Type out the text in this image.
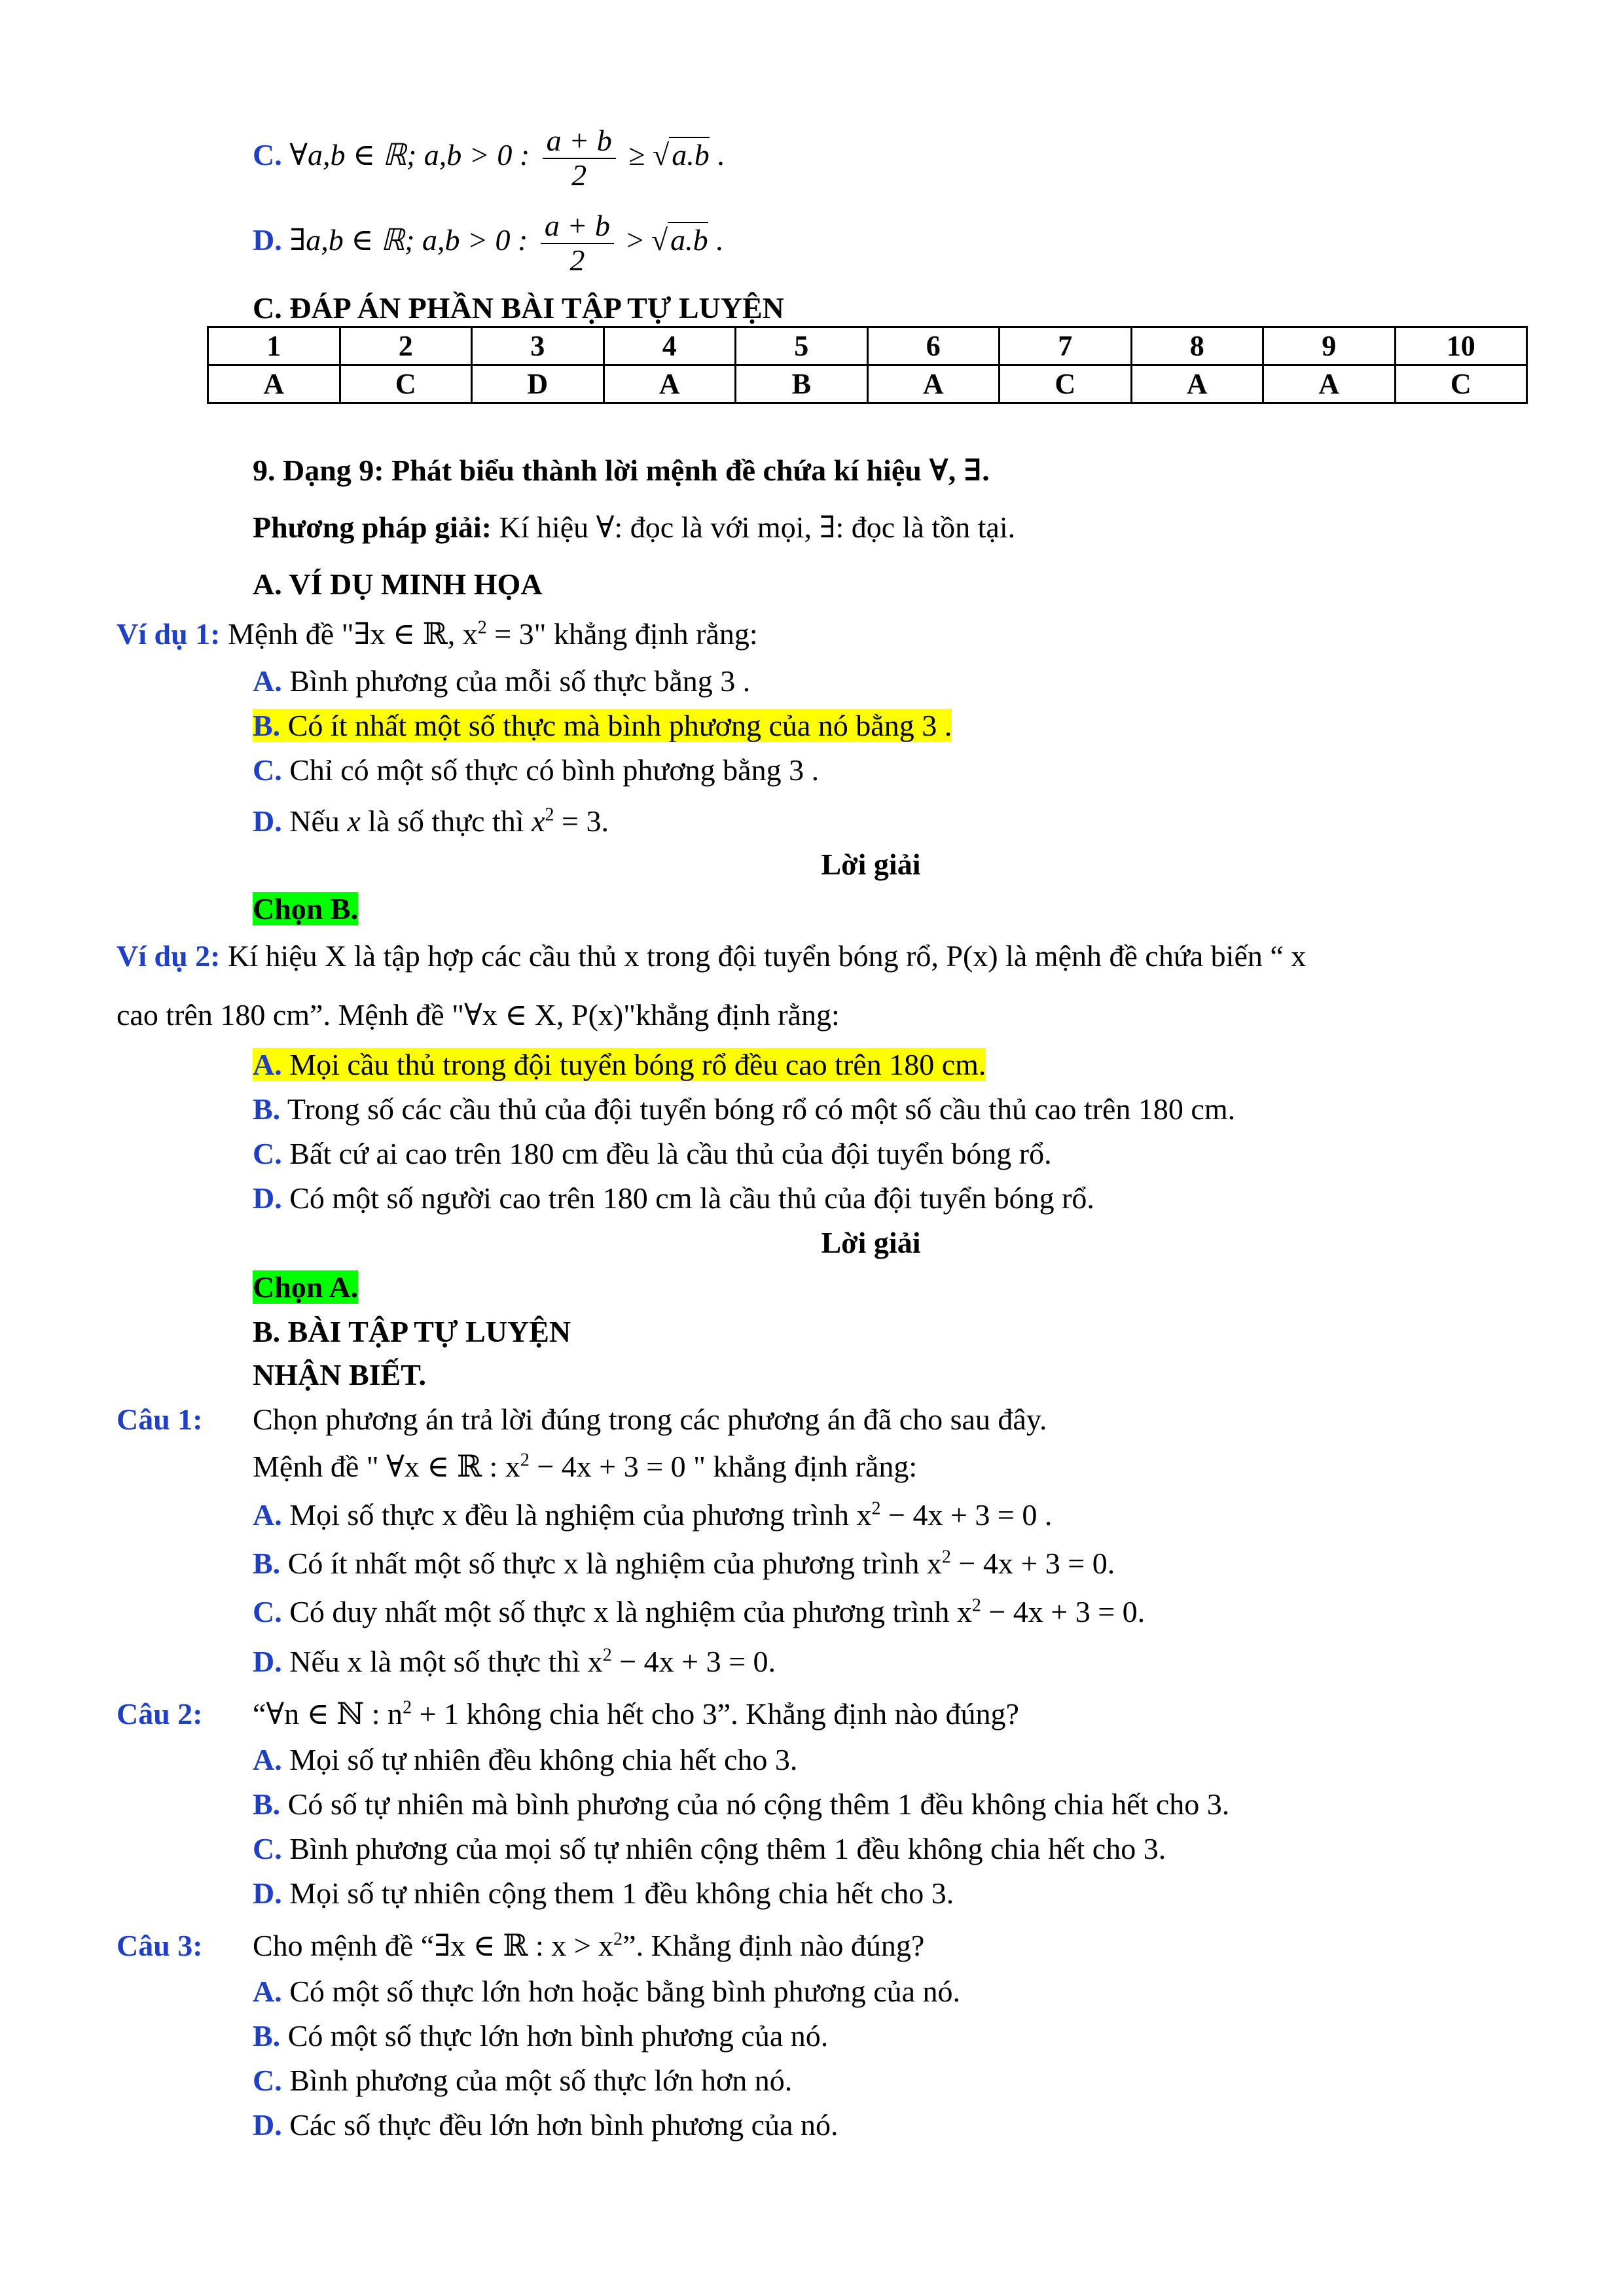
C. ∀a,b ∈ ℝ; a,b > 0 : $\frac{a + b}{2} \ge √a.b$ .
D. ∃a,b ∈ ℝ; a,b > 0 : $\frac{a + b}{2} > √a.b$ .
C. ĐÁP ÁN PHẦN BÀI TẬP TỰ LUYỆN
1	2	3	4	5	6	7	8	9	10
A	C	D	A	B	A	C	A	A	C
9. Dạng 9: Phát biểu thành lời mệnh đề chứa kí hiệu ∀, ∃.
Phương pháp giải: Kí hiệu ∀: đọc là với mọi, ∃: đọc là tồn tại.
A. VÍ DỤ MINH HỌA
Ví dụ 1: Mệnh đề "∃x ∈ ℝ, $x^2 = 3$" khẳng định rằng:
A. Bình phương của mỗi số thực bằng 3 .
B. Có ít nhất một số thực mà bình phương của nó bằng 3 .
C. Chỉ có một số thực có bình phương bằng 3 .
D. Nếu x là số thực thì $x^2 = 3$.
Lời giải
Chọn B.
Ví dụ 2: Kí hiệu X là tập hợp các cầu thủ x trong đội tuyển bóng rổ, P(x) là mệnh đề chứa biến “ x
cao trên 180 cm”. Mệnh đề "∀x ∈ X, P(x)"khẳng định rằng:
A. Mọi cầu thủ trong đội tuyển bóng rổ đều cao trên 180 cm.
B. Trong số các cầu thủ của đội tuyển bóng rổ có một số cầu thủ cao trên 180 cm.
C. Bất cứ ai cao trên 180 cm đều là cầu thủ của đội tuyển bóng rổ.
D. Có một số người cao trên 180 cm là cầu thủ của đội tuyển bóng rổ.
Lời giải
Chọn A.
B. BÀI TẬP TỰ LUYỆN
NHẬN BIẾT.
Câu 1: Chọn phương án trả lời đúng trong các phương án đã cho sau đây.
Mệnh đề " ∀x ∈ ℝ : $x^2 - 4x + 3 = 0$ " khẳng định rằng:
A. Mọi số thực x đều là nghiệm của phương trình $x^2 - 4x + 3 = 0$ .
B. Có ít nhất một số thực x là nghiệm của phương trình $x^2 - 4x + 3 = 0$.
C. Có duy nhất một số thực x là nghiệm của phương trình $x^2 - 4x + 3 = 0$.
D. Nếu x là một số thực thì $x^2 - 4x + 3 = 0$.
Câu 2: “∀n ∈ ℕ : $n^2 + 1$ không chia hết cho 3”. Khẳng định nào đúng?
A. Mọi số tự nhiên đều không chia hết cho 3.
B. Có số tự nhiên mà bình phương của nó cộng thêm 1 đều không chia hết cho 3.
C. Bình phương của mọi số tự nhiên cộng thêm 1 đều không chia hết cho 3.
D. Mọi số tự nhiên cộng them 1 đều không chia hết cho 3.
Câu 3: Cho mệnh đề “∃x ∈ ℝ : $x > x^2$”. Khẳng định nào đúng?
A. Có một số thực lớn hơn hoặc bằng bình phương của nó.
B. Có một số thực lớn hơn bình phương của nó.
C. Bình phương của một số thực lớn hơn nó.
D. Các số thực đều lớn hơn bình phương của nó.
